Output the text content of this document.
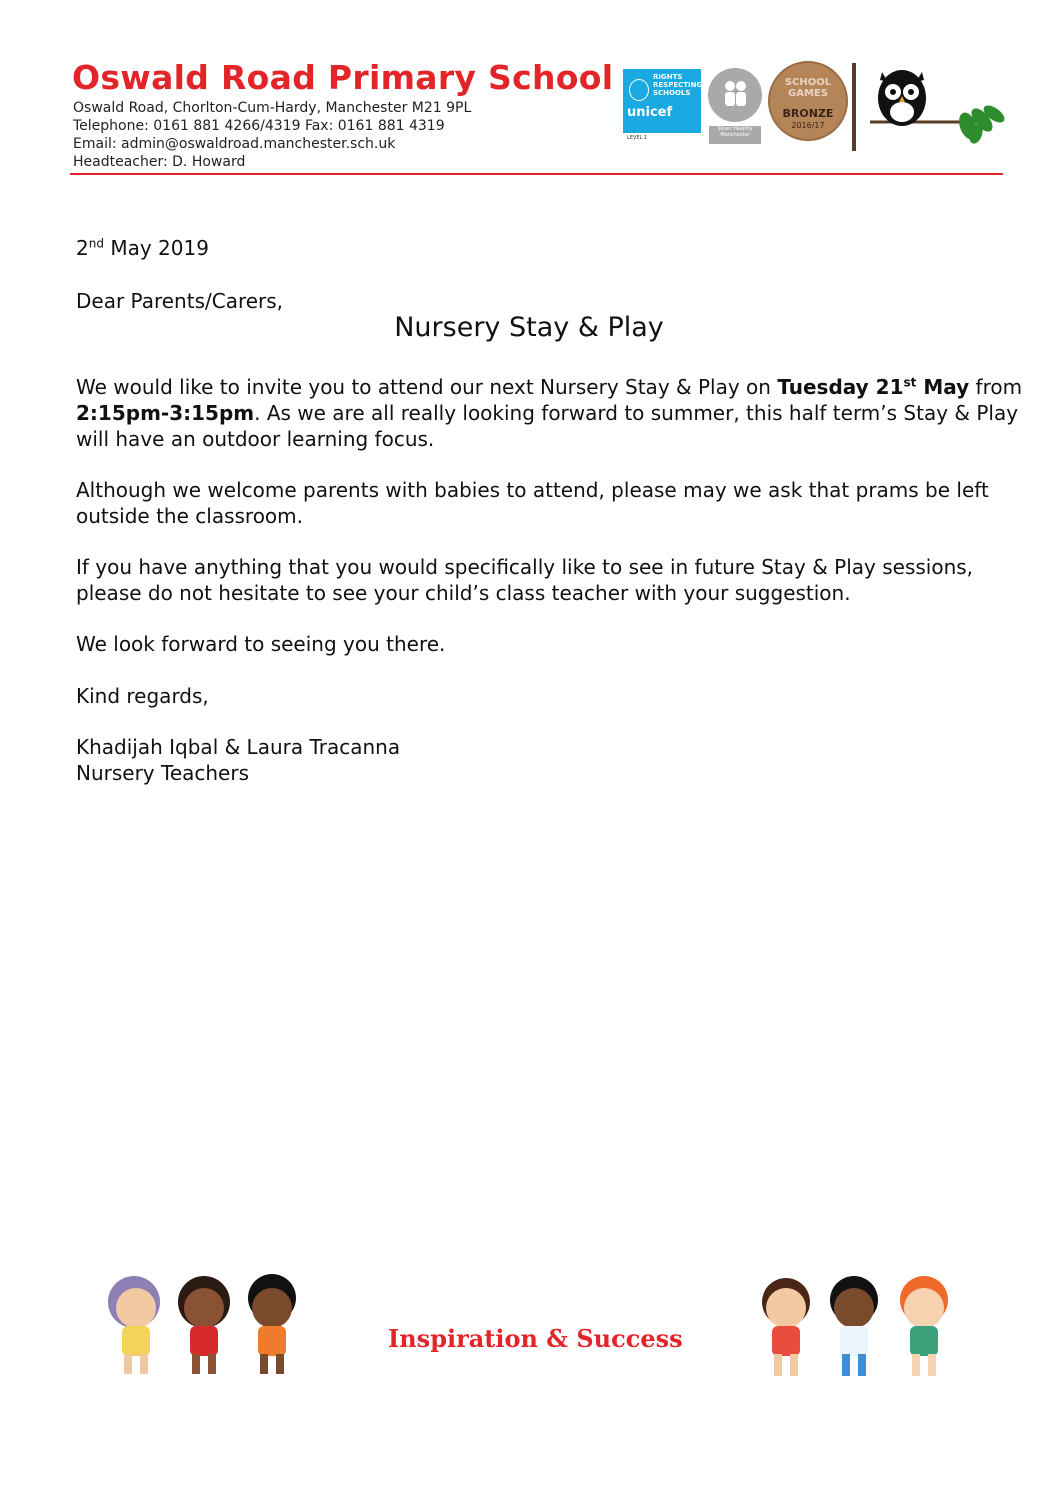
Oswald Road Primary School
Oswald Road, Chorlton-Cum-Hardy, Manchester M21 9PL
Telephone: 0161 881 4266/4319 Fax: 0161 881 4319
Email: admin@oswaldroad.manchester.sch.uk
Headteacher: D. Howard
RIGHTS RESPECTING SCHOOLS
unicef
LEVEL 1
Silver Healthy Manchester
SCHOOL GAMES
BRONZE
2016/17
2nd May 2019
Dear Parents/Carers,
Nursery Stay & Play
We would like to invite you to attend our next Nursery Stay & Play on Tuesday 21st May from
2:15pm-3:15pm. As we are all really looking forward to summer, this half term’s Stay & Play
will have an outdoor learning focus.
Although we welcome parents with babies to attend, please may we ask that prams be left
outside the classroom.
If you have anything that you would specifically like to see in future Stay & Play sessions,
please do not hesitate to see your child’s class teacher with your suggestion.
We look forward to seeing you there.
Kind regards,
Khadijah Iqbal & Laura Tracanna
Nursery Teachers
Inspiration & Success
